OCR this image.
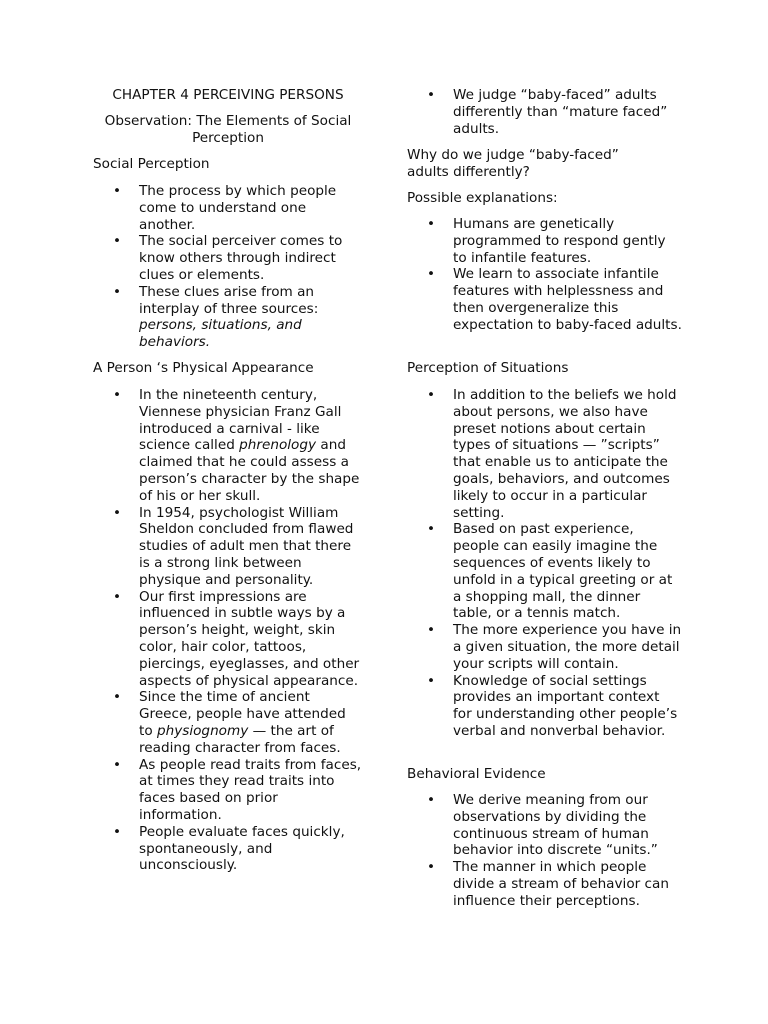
CHAPTER 4 PERCEIVING PERSONS

Observation: The Elements of Social Perception

Social Perception

• The process by which people come to understand one another.
• The social perceiver comes to know others through indirect clues or elements.
• These clues arise from an interplay of three sources: persons, situations, and behaviors.

A Person ‘s Physical Appearance

• In the nineteenth century, Viennese physician Franz Gall introduced a carnival - like science called phrenology and claimed that he could assess a person’s character by the shape of his or her skull.
• In 1954, psychologist William Sheldon concluded from flawed studies of adult men that there is a strong link between physique and personality.
• Our first impressions are influenced in subtle ways by a person’s height, weight, skin color, hair color, tattoos, piercings, eyeglasses, and other aspects of physical appearance.
• Since the time of ancient Greece, people have attended to physiognomy — the art of reading character from faces.
• As people read traits from faces, at times they read traits into faces based on prior information.
• People evaluate faces quickly, spontaneously, and unconsciously.
• We judge “baby-faced” adults differently than “mature faced” adults.

Why do we judge “baby-faced” adults differently?

Possible explanations:

• Humans are genetically programmed to respond gently to infantile features.
• We learn to associate infantile features with helplessness and then overgeneralize this expectation to baby-faced adults.

Perception of Situations

• In addition to the beliefs we hold about persons, we also have preset notions about certain types of situations — ”scripts” that enable us to anticipate the goals, behaviors, and outcomes likely to occur in a particular setting.
• Based on past experience, people can easily imagine the sequences of events likely to unfold in a typical greeting or at a shopping mall, the dinner table, or a tennis match.
• The more experience you have in a given situation, the more detail your scripts will contain.
• Knowledge of social settings provides an important context for understanding other people’s verbal and nonverbal behavior.

Behavioral Evidence

• We derive meaning from our observations by dividing the continuous stream of human behavior into discrete “units.”
• The manner in which people divide a stream of behavior can influence their perceptions.
